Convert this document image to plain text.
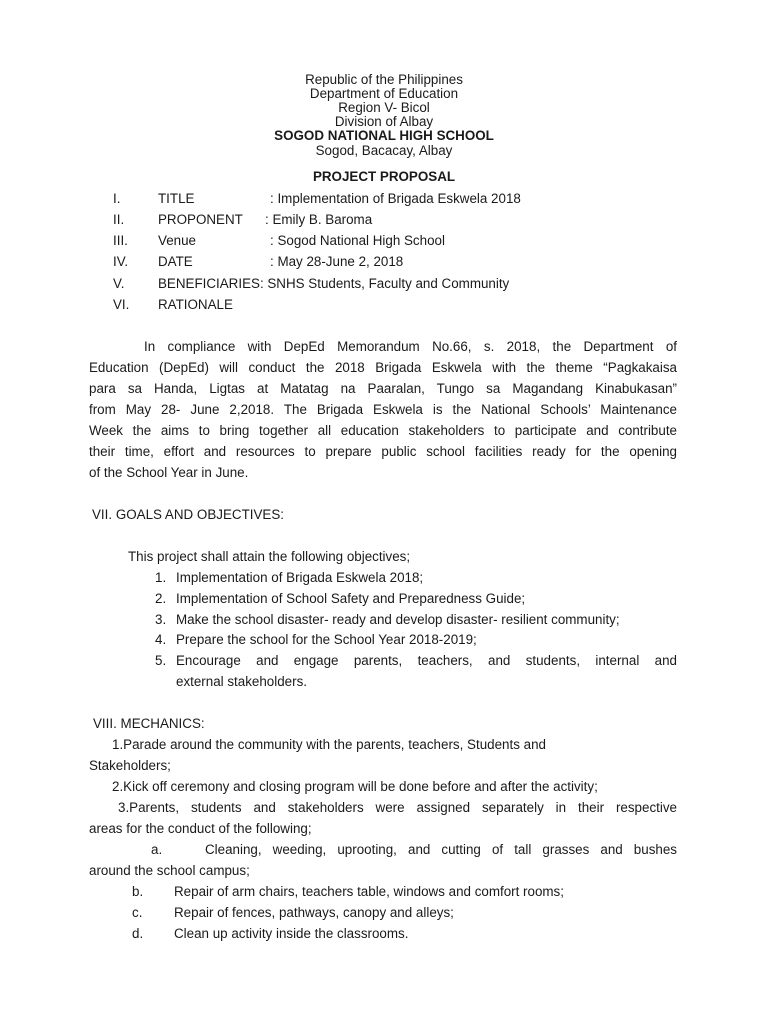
Republic of the Philippines
Department of Education
Region V- Bicol
Division of Albay
SOGOD NATIONAL HIGH SCHOOL
Sogod, Bacacay, Albay
PROJECT PROPOSAL
I.	TITLE	: Implementation of Brigada Eskwela 2018
II.	PROPONENT : Emily B. Baroma
III. Venue	: Sogod National High School
IV. DATE	: May 28-June 2, 2018
V.	BENEFICIARIES: SNHS Students, Faculty and Community
VI. RATIONALE
In compliance with DepEd Memorandum No.66, s. 2018, the Department of
Education (DepEd) will conduct the 2018 Brigada Eskwela with the theme “Pagkakaisa
para sa Handa, Ligtas at Matatag na Paaralan, Tungo sa Magandang Kinabukasan”
from May 28- June 2,2018. The Brigada Eskwela is the National Schools’ Maintenance
Week the aims to bring together all education stakeholders to participate and contribute
their time, effort and resources to prepare public school facilities ready for the opening
of the School Year in June.
VII. GOALS AND OBJECTIVES:
This project shall attain the following objectives;
1. Implementation of Brigada Eskwela 2018;
2. Implementation of School Safety and Preparedness Guide;
3. Make the school disaster- ready and develop disaster- resilient community;
4. Prepare the school for the School Year 2018-2019;
5. Encourage and engage parents, teachers, and students, internal and
external stakeholders.
VIII. MECHANICS:
1.Parade around the community with the parents, teachers, Students and
Stakeholders;
2.Kick off ceremony and closing program will be done before and after the activity;
3.Parents, students and stakeholders were assigned separately in their respective
areas for the conduct of the following;
a.	Cleaning, weeding, uprooting, and cutting of tall grasses and bushes
around the school campus;
b. Repair of arm chairs, teachers table, windows and comfort rooms;
c. Repair of fences, pathways, canopy and alleys;
d. Clean up activity inside the classrooms.
